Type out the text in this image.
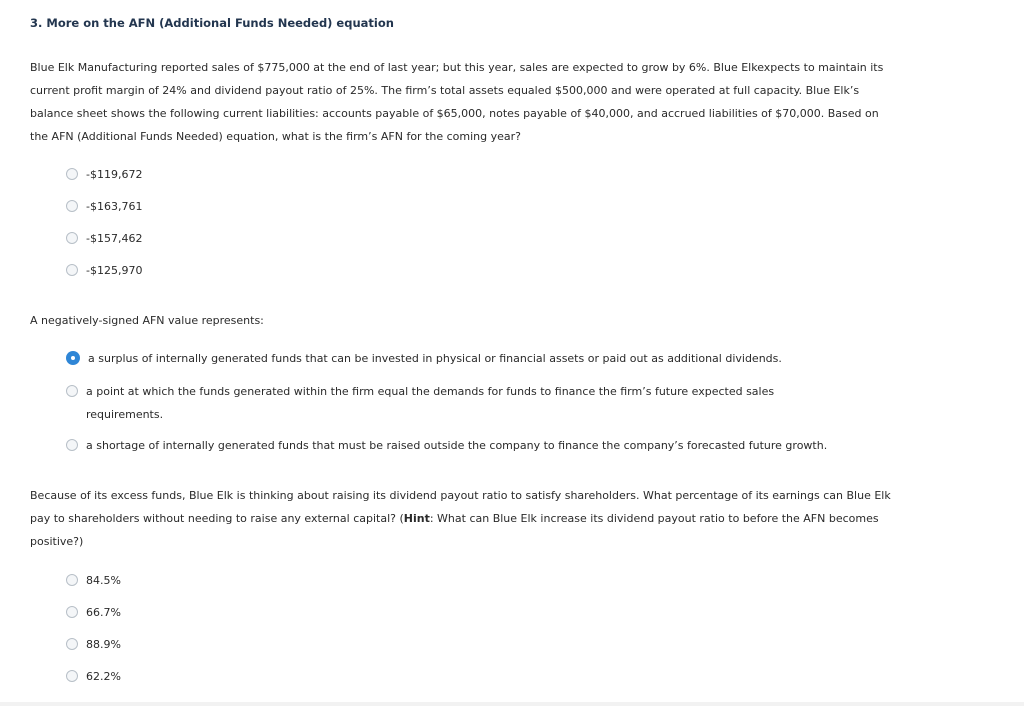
3. More on the AFN (Additional Funds Needed) equation

Blue Elk Manufacturing reported sales of $775,000 at the end of last year; but this year, sales are expected to grow by 6%. Blue Elkexpects to maintain its current profit margin of 24% and dividend payout ratio of 25%. The firm’s total assets equaled $500,000 and were operated at full capacity. Blue Elk’s balance sheet shows the following current liabilities: accounts payable of $65,000, notes payable of $40,000, and accrued liabilities of $70,000. Based on the AFN (Additional Funds Needed) equation, what is the firm’s AFN for the coming year?

-$119,672
-$163,761
-$157,462
-$125,970

A negatively-signed AFN value represents:

a surplus of internally generated funds that can be invested in physical or financial assets or paid out as additional dividends.
a point at which the funds generated within the firm equal the demands for funds to finance the firm’s future expected sales requirements.
a shortage of internally generated funds that must be raised outside the company to finance the company’s forecasted future growth.

Because of its excess funds, Blue Elk is thinking about raising its dividend payout ratio to satisfy shareholders. What percentage of its earnings can Blue Elk pay to shareholders without needing to raise any external capital? (Hint: What can Blue Elk increase its dividend payout ratio to before the AFN becomes positive?)

84.5%
66.7%
88.9%
62.2%
